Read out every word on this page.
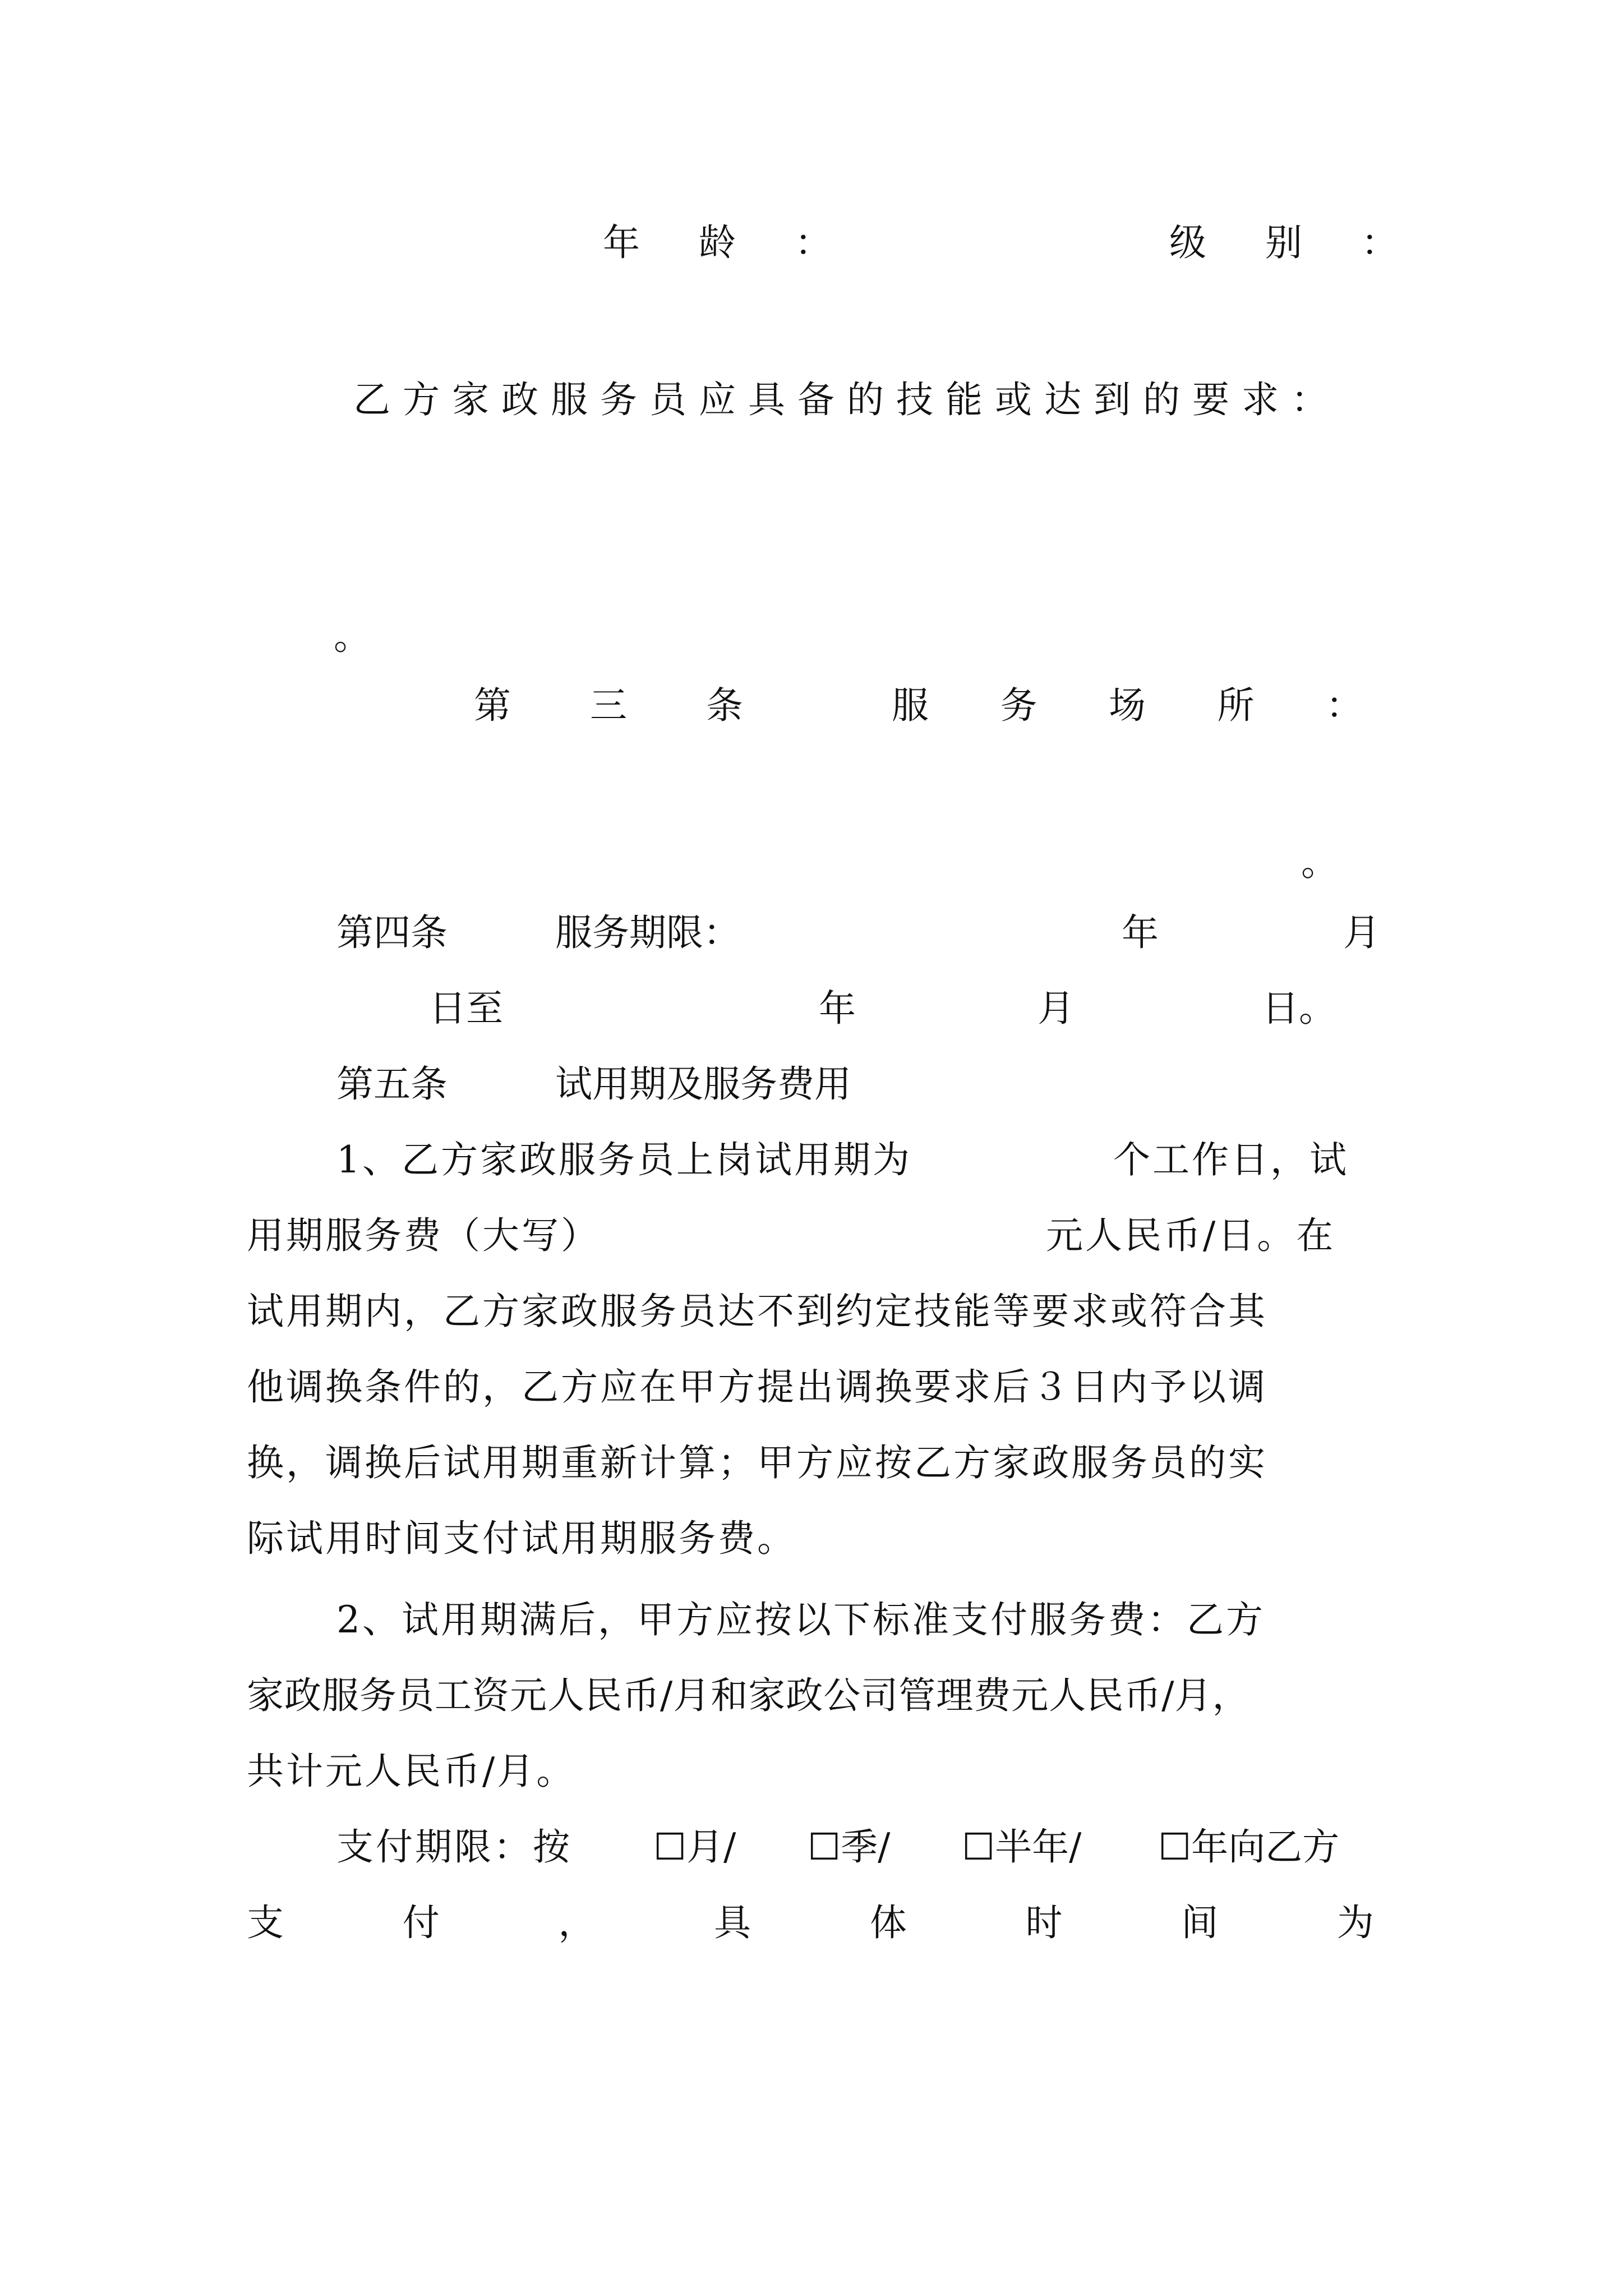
年 龄 ：	级 别 ：
乙方家政服务员应具备的技能或达到的要求：
。
第 三 条	服 务 场 所 ：
。
第四条	服务期限：	年	月
日至	年	月	日。
第五条	试用期及服务费用
1、乙方家政服务员上岗试用期为	个工作日，试
用期服务费（大写）	元人民币/日。在
试用期内，乙方家政服务员达不到约定技能等要求或符合其
他调换条件的，乙方应在甲方提出调换要求后３日内予以调
换，调换后试用期重新计算；甲方应按乙方家政服务员的实
际试用时间支付试用期服务费。
2、试用期满后，甲方应按以下标准支付服务费：乙方
家政服务员工资元人民币/月和家政公司管理费元人民币/月，
共计元人民币/月。
支付期限：按 ☐月/ ☐季/ ☐半年/ ☐年向乙方
支	付	，	具	体	时	间	为
